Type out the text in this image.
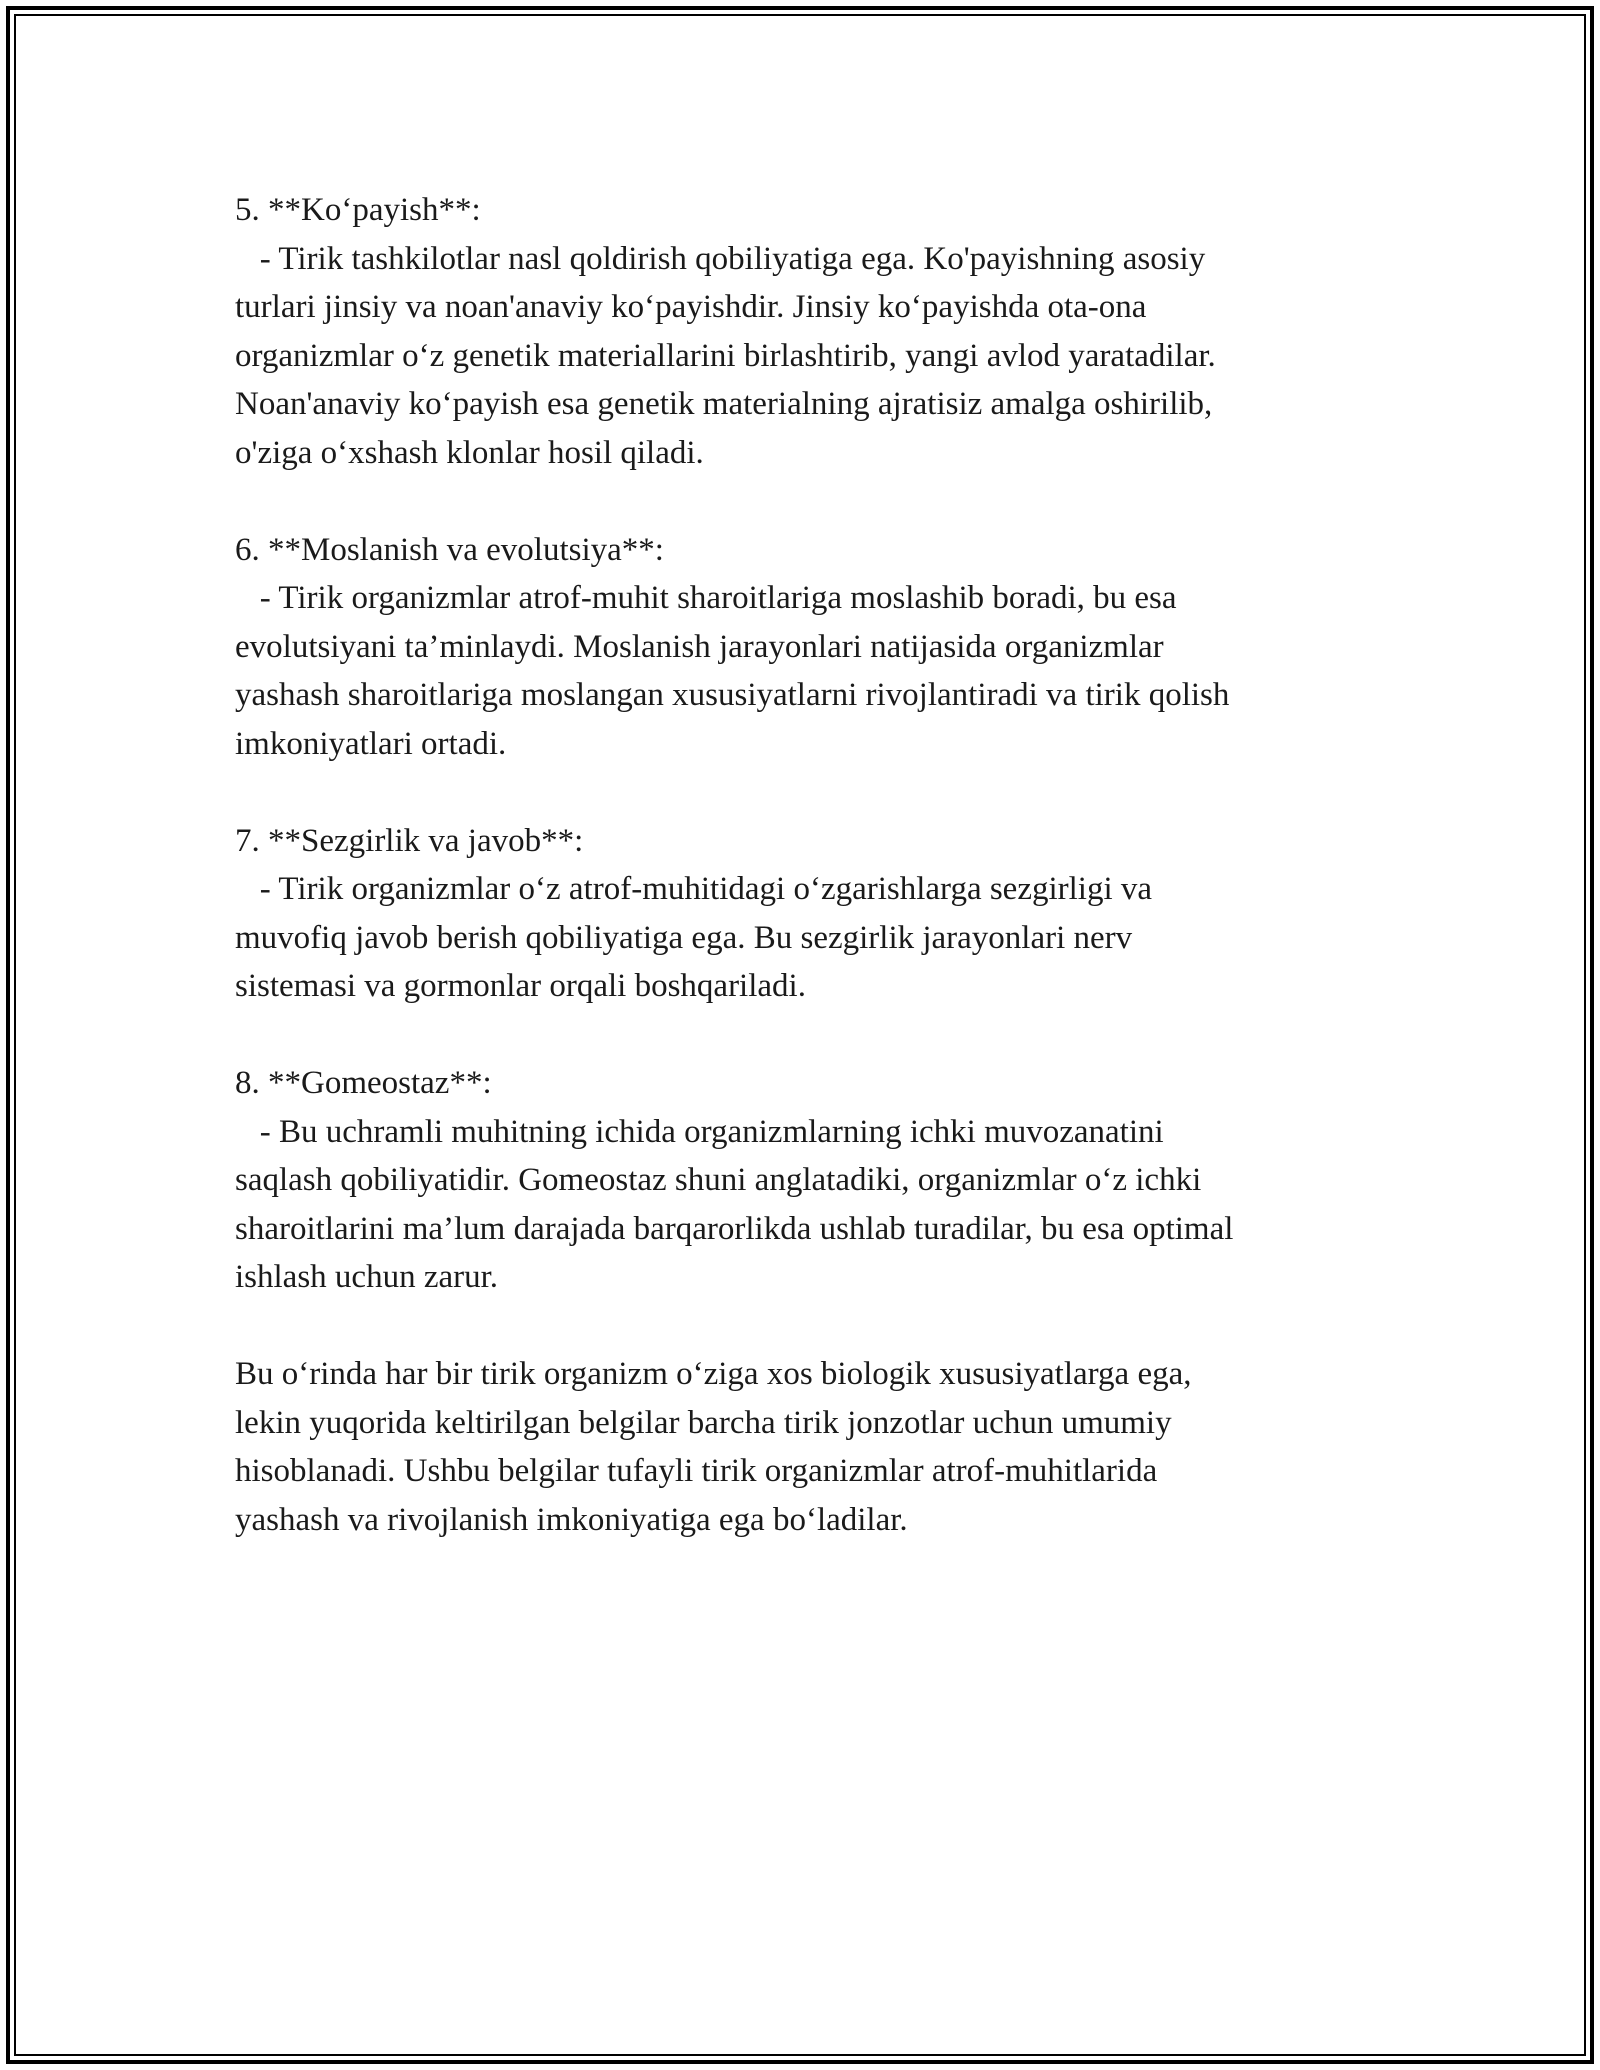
5. **Ko‘payish**:
- Tirik tashkilotlar nasl qoldirish qobiliyatiga ega. Ko'payishning asosiy
turlari jinsiy va noan'anaviy ko‘payishdir. Jinsiy ko‘payishda ota-ona
organizmlar o‘z genetik materiallarini birlashtirib, yangi avlod yaratadilar.
Noan'anaviy ko‘payish esa genetik materialning ajratisiz amalga oshirilib,
o'ziga o‘xshash klonlar hosil qiladi.
6. **Moslanish va evolutsiya**:
- Tirik organizmlar atrof-muhit sharoitlariga moslashib boradi, bu esa
evolutsiyani ta’minlaydi. Moslanish jarayonlari natijasida organizmlar
yashash sharoitlariga moslangan xususiyatlarni rivojlantiradi va tirik qolish
imkoniyatlari ortadi.
7. **Sezgirlik va javob**:
- Tirik organizmlar o‘z atrof-muhitidagi o‘zgarishlarga sezgirligi va
muvofiq javob berish qobiliyatiga ega. Bu sezgirlik jarayonlari nerv
sistemasi va gormonlar orqali boshqariladi.
8. **Gomeostaz**:
- Bu uchramli muhitning ichida organizmlarning ichki muvozanatini
saqlash qobiliyatidir. Gomeostaz shuni anglatadiki, organizmlar o‘z ichki
sharoitlarini ma’lum darajada barqarorlikda ushlab turadilar, bu esa optimal
ishlash uchun zarur.
Bu o‘rinda har bir tirik organizm o‘ziga xos biologik xususiyatlarga ega,
lekin yuqorida keltirilgan belgilar barcha tirik jonzotlar uchun umumiy
hisoblanadi. Ushbu belgilar tufayli tirik organizmlar atrof-muhitlarida
yashash va rivojlanish imkoniyatiga ega bo‘ladilar.
